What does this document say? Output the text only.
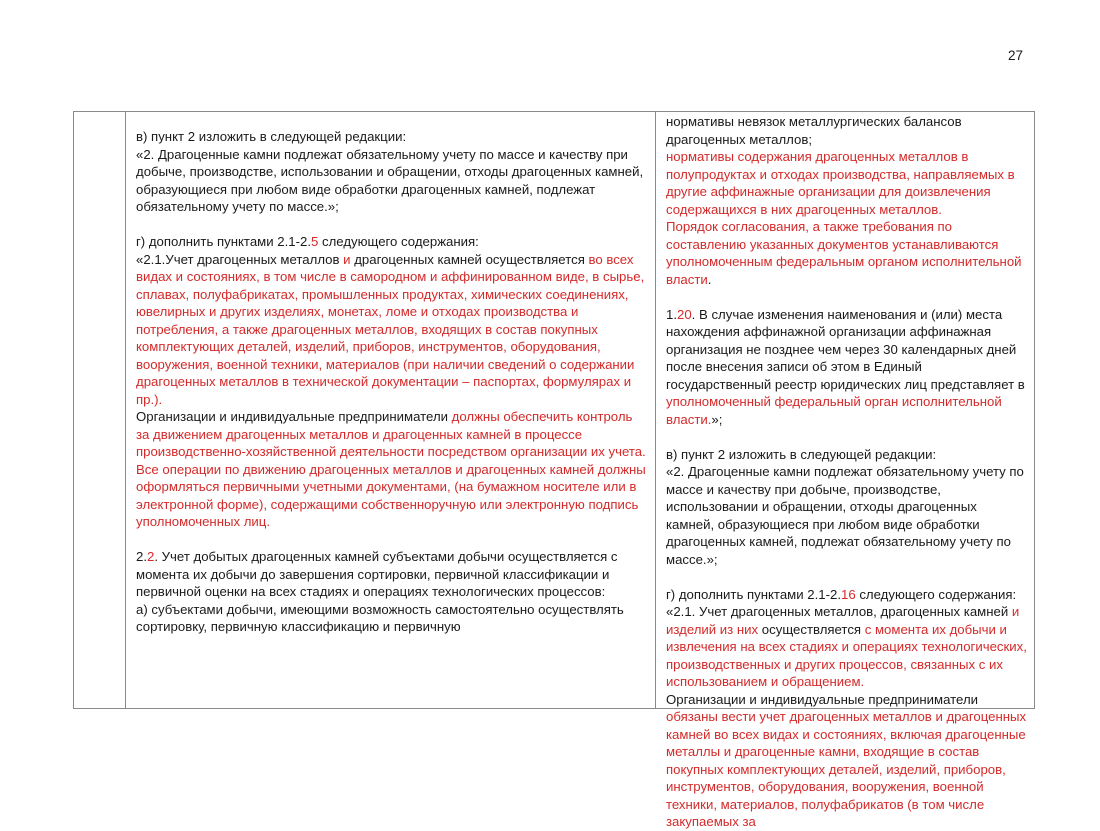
27

в) пункт 2 изложить в следующей редакции:

«2. Драгоценные камни подлежат обязательному учету по массе и качеству при добыче, производстве, использовании и обращении, отходы драгоценных камней, образующиеся при любом виде обработки драгоценных камней, подлежат обязательному учету по массе.»;

г) дополнить пунктами 2.1-2.5 следующего содержания:

«2.1.Учет драгоценных металлов и драгоценных камней осуществляется во всех видах и состояниях, в том числе в самородном и аффинированном виде, в сырье, сплавах, полуфабрикатах, промышленных продуктах, химических соединениях, ювелирных и других изделиях, монетах, ломе и отходах производства и потребления, а также драгоценных металлов, входящих в состав покупных комплектующих деталей, изделий, приборов, инструментов, оборудования, вооружения, военной техники, материалов (при наличии сведений о содержании драгоценных металлов в технической документации – паспортах, формулярах и пр.).

Организации и индивидуальные предприниматели должны обеспечить контроль за движением драгоценных металлов и драгоценных камней в процессе производственно-хозяйственной деятельности посредством организации их учета. Все операции по движению драгоценных металлов и драгоценных камней должны оформляться первичными учетными документами, (на бумажном носителе или в электронной форме), содержащими собственноручную или электронную подпись уполномоченных лиц.

2.2. Учет добытых драгоценных камней субъектами добычи осуществляется с момента их добычи до завершения сортировки, первичной классификации и первичной оценки на всех стадиях и операциях технологических процессов:

а) субъектами добычи, имеющими возможность самостоятельно осуществлять сортировку, первичную классификацию и первичную

нормативы невязок металлургических балансов драгоценных металлов;

нормативы содержания драгоценных металлов в полупродуктах и отходах производства, направляемых в другие аффинажные организации для доизвлечения содержащихся в них драгоценных металлов.

Порядок согласования, а также требования по составлению указанных документов устанавливаются уполномоченным федеральным органом исполнительной власти.

1.20. В случае изменения наименования и (или) места нахождения аффинажной организации аффинажная организация не позднее чем через 30 календарных дней после внесения записи об этом в Единый государственный реестр юридических лиц представляет в уполномоченный федеральный орган исполнительной власти.»;

в) пункт 2 изложить в следующей редакции:

«2. Драгоценные камни подлежат обязательному учету по массе и качеству при добыче, производстве, использовании и обращении, отходы драгоценных камней, образующиеся при любом виде обработки драгоценных камней, подлежат обязательному учету по массе.»;

г) дополнить пунктами 2.1-2.16 следующего содержания:

«2.1. Учет драгоценных металлов, драгоценных камней и изделий из них осуществляется с момента их добычи и извлечения на всех стадиях и операциях технологических, производственных и других процессов, связанных с их использованием и обращением.

Организации и индивидуальные предприниматели обязаны вести учет драгоценных металлов и драгоценных камней во всех видах и состояниях, включая драгоценные металлы и драгоценные камни, входящие в состав покупных комплектующих деталей, изделий, приборов, инструментов, оборудования, вооружения, военной техники, материалов, полуфабрикатов (в том числе закупаемых за
